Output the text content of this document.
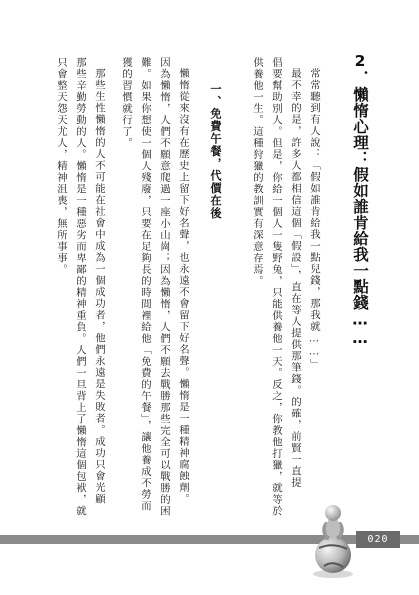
2．懶惰心理：假如誰肯給我一點錢……
常常聽到有人說：「假如誰肯給我一點兒錢，那我就……」
最不幸的是，許多人都相信這個「假設」，直在等人提供那筆錢。的確，前賢一直提
倡要幫助別人。但是，你給一個人一隻野兔，只能供養他一天。反之，你教他打獵，就等於
供養他一生。這種狩獵的教訓實有深意存焉。
一、免費午餐，代價在後
懶惰從來沒有在歷史上留下好名聲，也永遠不會留下好名聲。懶惰是一種精神腐蝕劑。
因為懶惰，人們不願意爬過一座小山崗；因為懶惰，人們不願去戰勝那些完全可以戰勝的困
難。如果你想使一個人殘廢，只要在足夠長的時間裡給他「免費的午餐」，讓他養成不勞而
獲的習慣就行了。
那些生性懶惰的人不可能在社會中成為一個成功者，他們永遠是失敗者。成功只會光顧
那些辛勤勞動的人。懶惰是一種惡劣而卑鄙的精神重負。人們一旦背上了懶惰這個包袱，就
只會整天怨天尤人，精神沮喪，無所事事。
020
